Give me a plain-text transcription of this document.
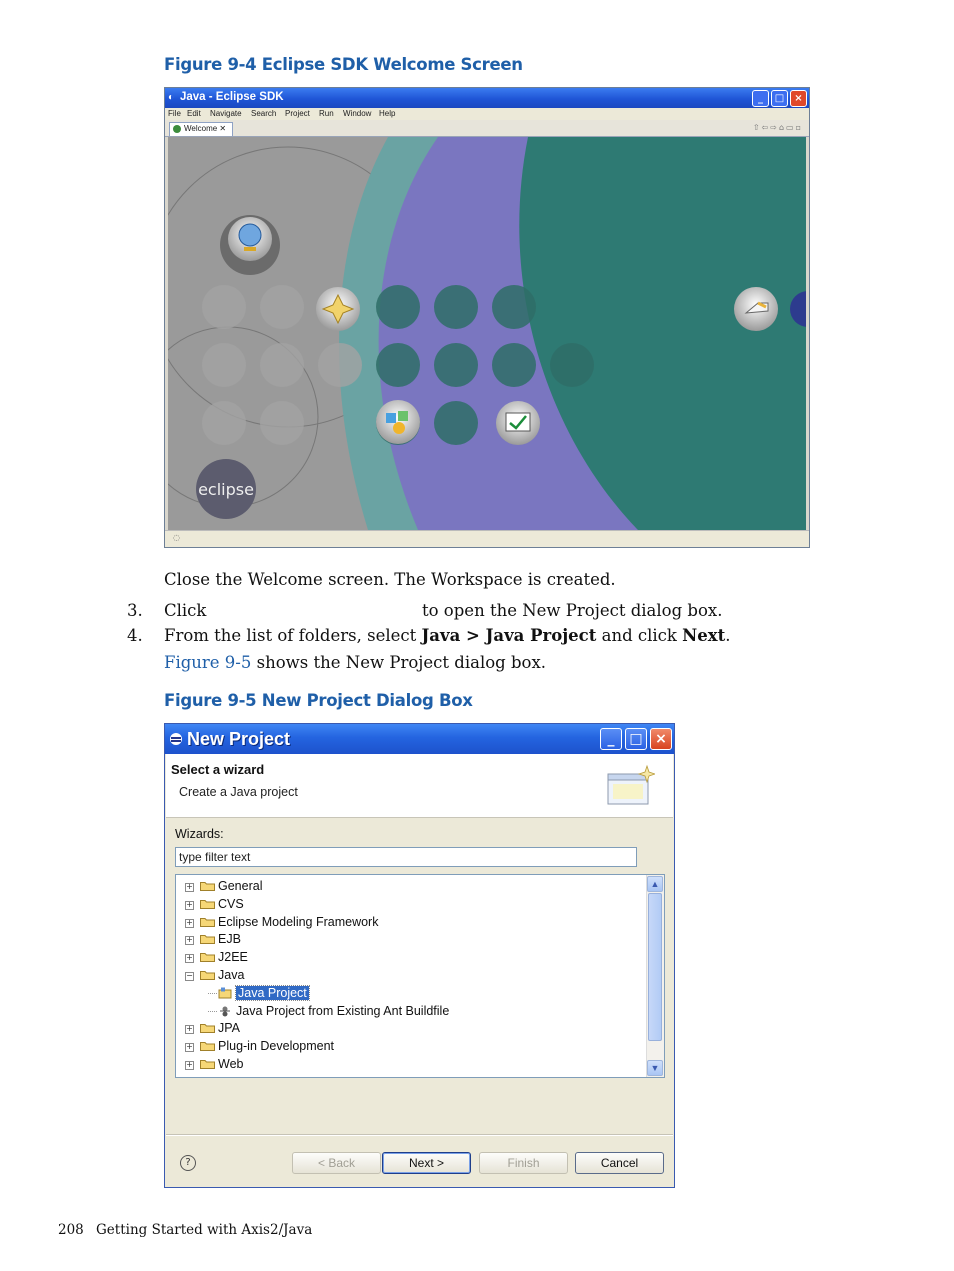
Figure 9-4 Eclipse SDK Welcome Screen
◐ Java - Eclipse SDK	_	□	×
File Edit Navigate Search Project Run Window Help
Welcome ✕	⇧⇦⇨⌂▭▫
eclipse
◌
Close the Welcome screen. The Workspace is created.
3. Click	to open the New Project dialog box.
4. From the list of folders, select Java > Java Project and click Next.
Figure 9-5 shows the New Project dialog box.
Figure 9-5 New Project Dialog Box
New Project	_	□ ×
Select a wizard
Create a Java project
Wizards:
type filter text
+ General
+ CVS
+ Eclipse Modeling Framework
+ EJB
+ J2EE
− Java
Java Project
Java Project from Existing Ant Buildfile
+ JPA
+ Plug-in Development
+ Web
▲
▼
?	< Back	Next >	Finish	Cancel
208 Getting Started with Axis2/Java
